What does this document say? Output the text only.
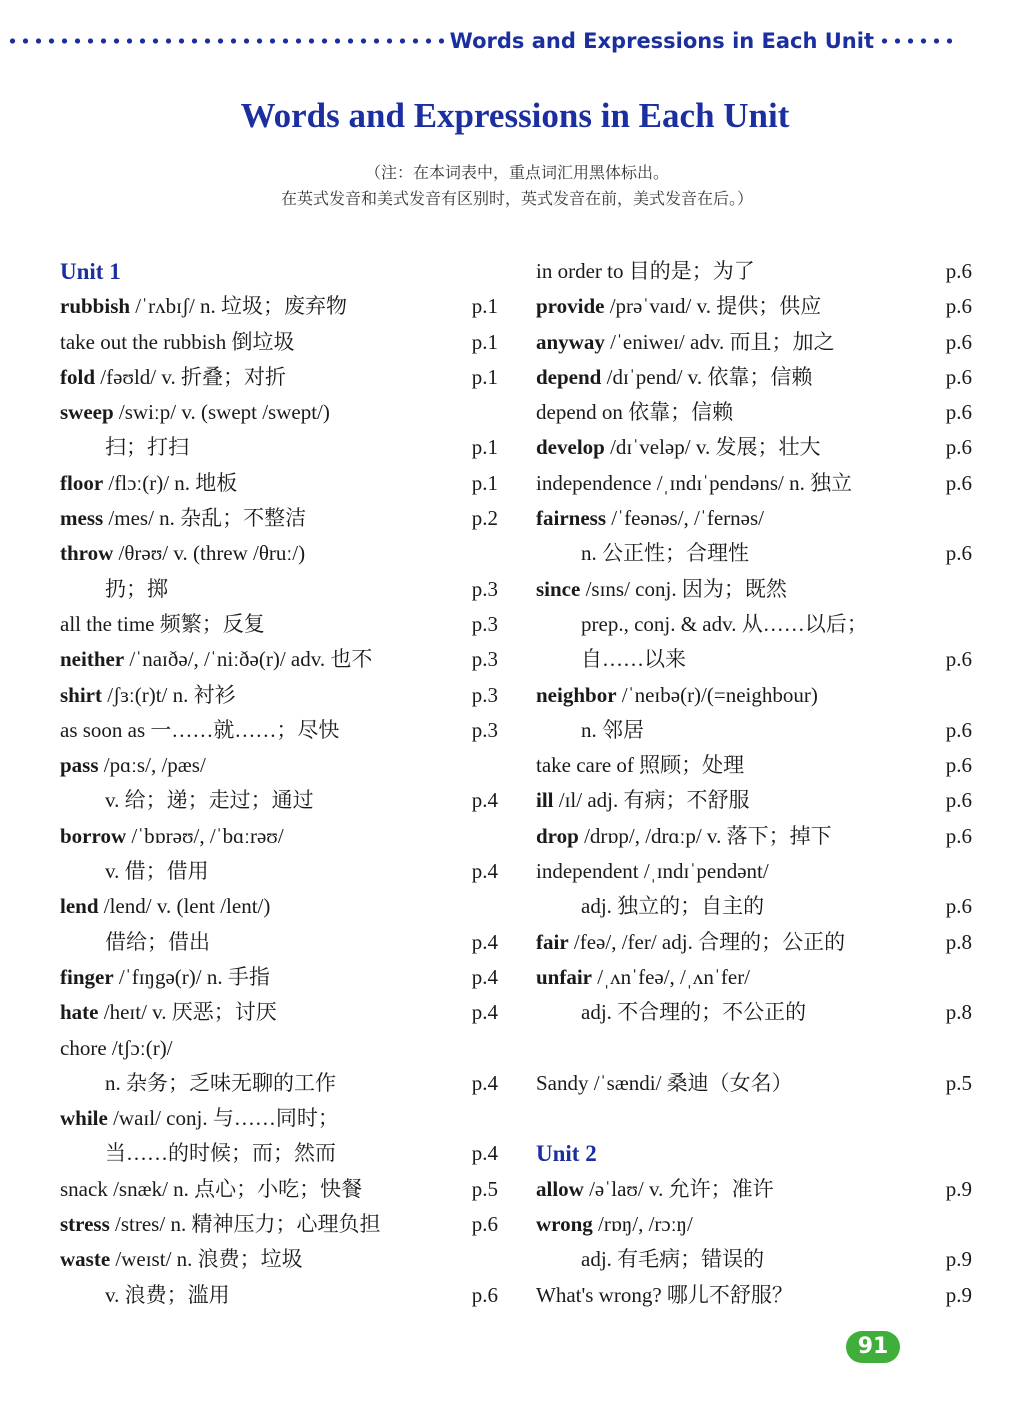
Words and Expressions in Each Unit
Words and Expressions in Each Unit
（注：在本词表中，重点词汇用黑体标出。
在英式发音和美式发音有区别时，英式发音在前，美式发音在后。）
Unit 1
rubbish /ˈrʌbɪʃ/ n. 垃圾；废弃物	p.1
take out the rubbish 倒垃圾	p.1
fold /fəʊld/ v. 折叠；对折	p.1
sweep /swiːp/ v. (swept /swept/)
扫；打扫	p.1
floor /flɔː(r)/ n. 地板	p.1
mess /mes/ n. 杂乱；不整洁	p.2
throw /θrəʊ/ v. (threw /θruː/)
扔；掷	p.3
all the time 频繁；反复	p.3
neither /ˈnaɪðə/, /ˈniːðə(r)/ adv. 也不	p.3
shirt /ʃɜː(r)t/ n. 衬衫	p.3
as soon as 一……就……；尽快	p.3
pass /pɑːs/, /pæs/
v. 给；递；走过；通过	p.4
borrow /ˈbɒrəʊ/, /ˈbɑːrəʊ/
v. 借；借用	p.4
lend /lend/ v. (lent /lent/)
借给；借出	p.4
finger /ˈfɪŋgə(r)/ n. 手指	p.4
hate /heɪt/ v. 厌恶；讨厌	p.4
chore /tʃɔː(r)/
n. 杂务；乏味无聊的工作	p.4
while /waɪl/ conj. 与……同时；
当……的时候；而；然而	p.4
snack /snæk/ n. 点心；小吃；快餐	p.5
stress /stres/ n. 精神压力；心理负担	p.6
waste /weɪst/ n. 浪费；垃圾
v. 浪费；滥用	p.6
in order to 目的是；为了	p.6
provide /prəˈvaɪd/ v. 提供；供应	p.6
anyway /ˈeniweɪ/ adv. 而且；加之	p.6
depend /dɪˈpend/ v. 依靠；信赖	p.6
depend on 依靠；信赖	p.6
develop /dɪˈveləp/ v. 发展；壮大	p.6
independence /ˌɪndɪˈpendəns/ n. 独立	p.6
fairness /ˈfeənəs/, /ˈfernəs/
n. 公正性；合理性	p.6
since /sɪns/ conj. 因为；既然
prep., conj. & adv. 从……以后；
自……以来	p.6
neighbor /ˈneɪbə(r)/(=neighbour)
n. 邻居	p.6
take care of 照顾；处理	p.6
ill /ɪl/ adj. 有病；不舒服	p.6
drop /drɒp/, /drɑːp/ v. 落下；掉下	p.6
independent /ˌɪndɪˈpendənt/
adj. 独立的；自主的	p.6
fair /feə/, /fer/ adj. 合理的；公正的	p.8
unfair /ˌʌnˈfeə/, /ˌʌnˈfer/
adj. 不合理的；不公正的	p.8
Sandy /ˈsændi/ 桑迪（女名）	p.5
Unit 2
allow /əˈlaʊ/ v. 允许；准许	p.9
wrong /rɒŋ/, /rɔːŋ/
adj. 有毛病；错误的	p.9
What's wrong? 哪儿不舒服？	p.9
91
